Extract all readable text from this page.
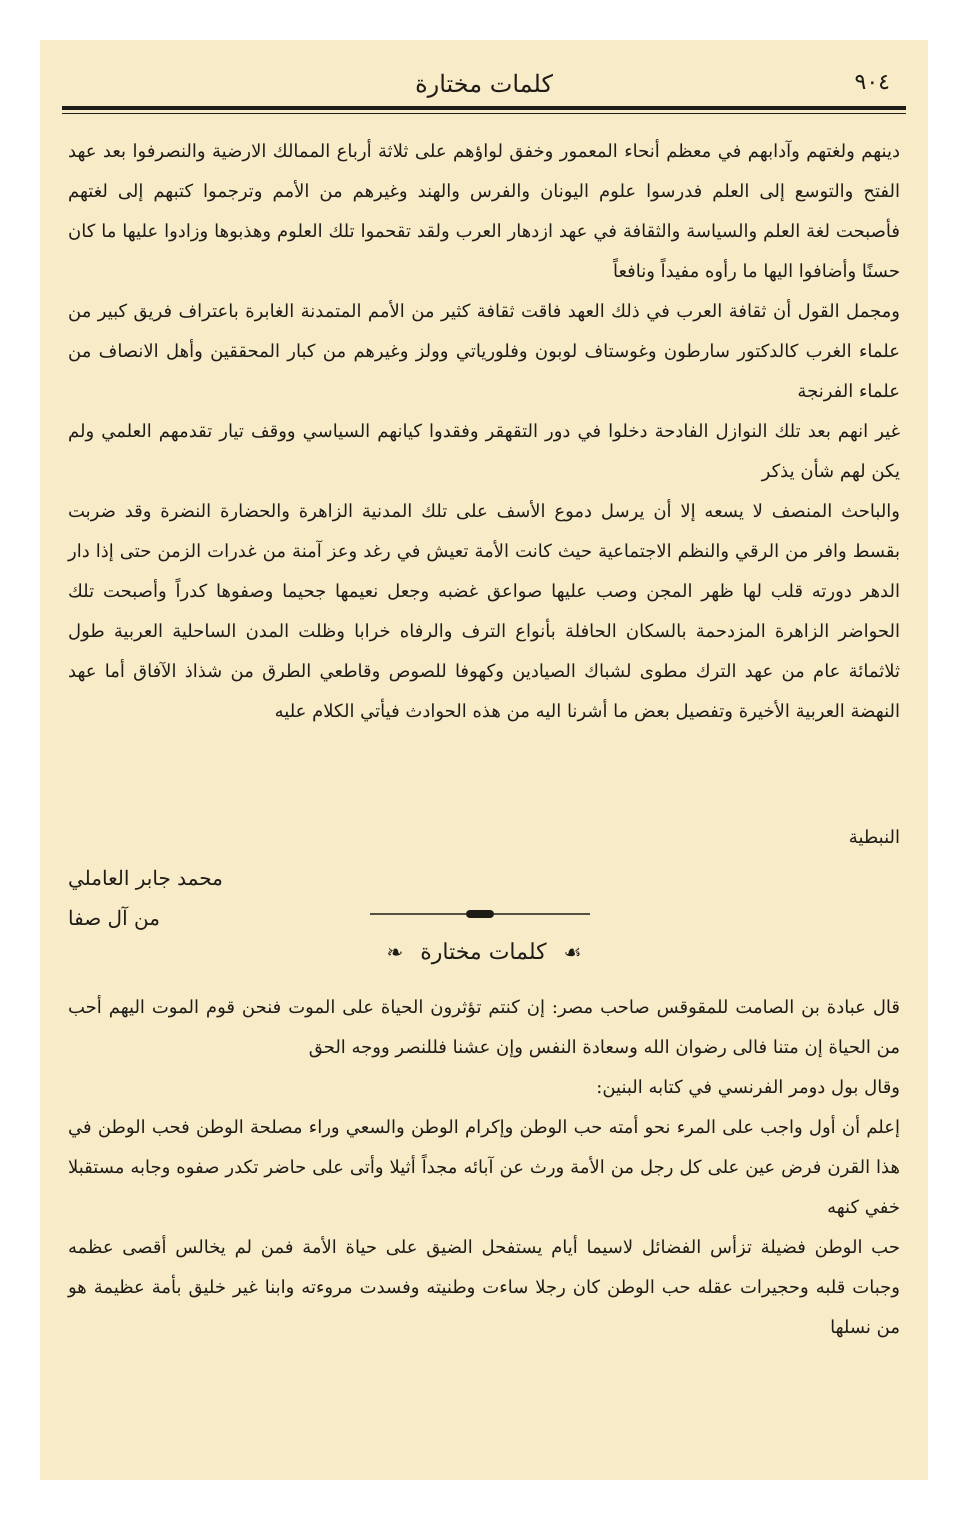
٩٠٤
كلمات مختارة

دينهم ولغتهم وآدابهم في معظم أنحاء المعمور وخفق لواؤهم على ثلاثة أرباع الممالك الارضية والنصرفوا بعد عهد الفتح والتوسع إلى العلم فدرسوا علوم اليونان والفرس والهند وغيرهم من الأمم وترجموا كتبهم إلى لغتهم فأصبحت لغة العلم والسياسة والثقافة في عهد ازدهار العرب ولقد تقحموا تلك العلوم وهذبوها وزادوا عليها ما كان حسنًا وأضافوا اليها ما رأوه مفيداً ونافعاً

ومجمل القول أن ثقافة العرب في ذلك العهد فاقت ثقافة كثير من الأمم المتمدنة الغابرة باعتراف فريق كبير من علماء الغرب كالدكتور سارطون وغوستاف لوبون وفلورياتي وولز وغيرهم من كبار المحققين وأهل الانصاف من علماء الفرنجة

غير انهم بعد تلك النوازل الفادحة دخلوا في دور التقهقر وفقدوا كيانهم السياسي ووقف تيار تقدمهم العلمي ولم يكن لهم شأن يذكر

والباحث المنصف لا يسعه إلا أن يرسل دموع الأسف على تلك المدنية الزاهرة والحضارة النضرة وقد ضربت بقسط وافر من الرقي والنظم الاجتماعية حيث كانت الأمة تعيش في رغد وعز آمنة من غدرات الزمن حتى إذا دار الدهر دورته قلب لها ظهر المجن وصب عليها صواعق غضبه وجعل نعيمها جحيما وصفوها كدراً وأصبحت تلك الحواضر الزاهرة المزدحمة بالسكان الحافلة بأنواع الترف والرفاه خرابا وظلت المدن الساحلية العربية طول ثلاثمائة عام من عهد الترك مطوى لشباك الصيادين وكهوفا للصوص وقاطعي الطرق من شذاذ الآفاق أما عهد النهضة العربية الأخيرة وتفصيل بعض ما أشرنا اليه من هذه الحوادث فيأتي الكلام عليه

النبطية
محمد جابر العاملي
من آل صفا
☙ كلمات مختارة ❧

قال عبادة بن الصامت للمقوقس صاحب مصر: إن كنتم تؤثرون الحياة على الموت فنحن قوم الموت اليهم أحب من الحياة إن متنا فالى رضوان الله وسعادة النفس وإن عشنا فللنصر ووجه الحق

وقال بول دومر الفرنسي في كتابه البنين:

إعلم أن أول واجب على المرء نحو أمته حب الوطن وإكرام الوطن والسعي وراء مصلحة الوطن فحب الوطن في هذا القرن فرض عين على كل رجل من الأمة ورث عن آبائه مجداً أثيلا وأتى على حاضر تكدر صفوه وجابه مستقبلا خفي كنهه

حب الوطن فضيلة تزأس الفضائل لاسيما أيام يستفحل الضيق على حياة الأمة فمن لم يخالس أقصى عظمه وجبات قلبه وحجيرات عقله حب الوطن كان رجلا ساءت وطنيته وفسدت مروءته وابنا غير خليق بأمة عظيمة هو من نسلها
